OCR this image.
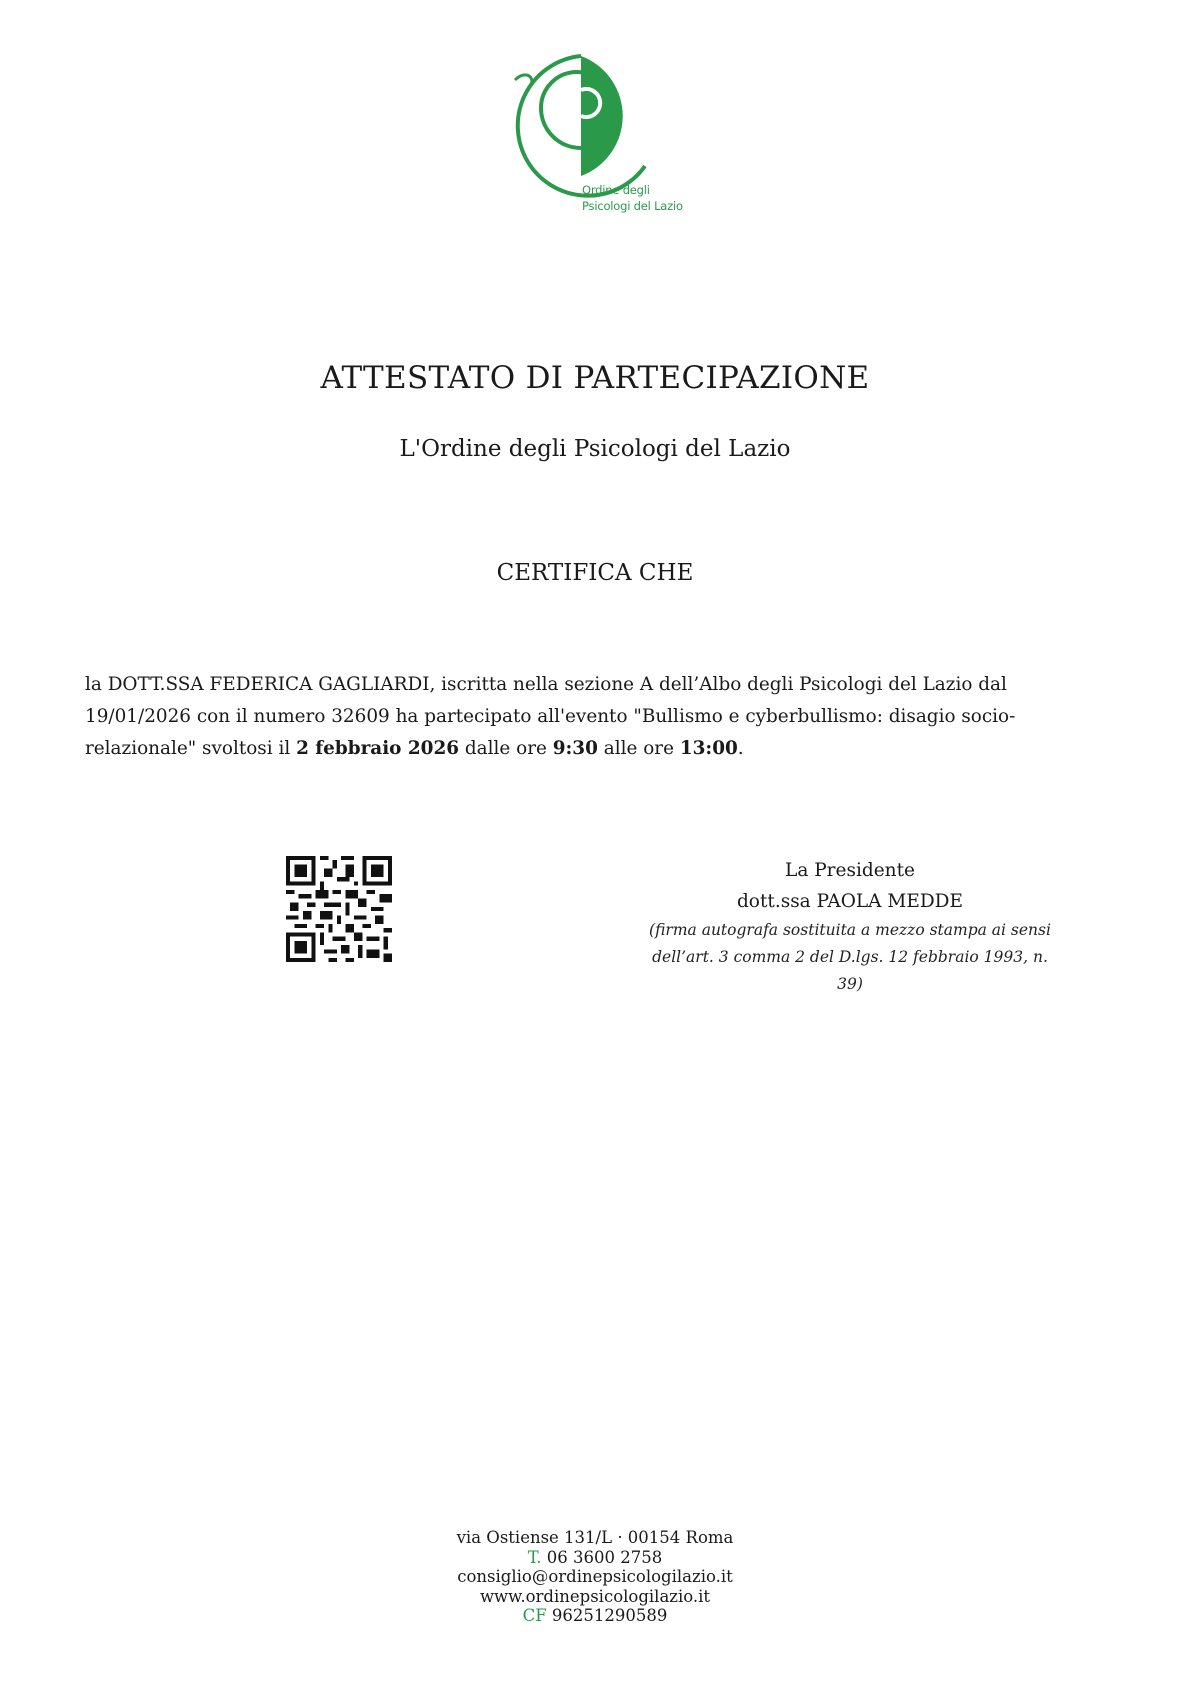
Ordine degli
Psicologi del Lazio
ATTESTATO DI PARTECIPAZIONE
L'Ordine degli Psicologi del Lazio
CERTIFICA CHE
la DOTT.SSA FEDERICA GAGLIARDI, iscritta nella sezione A dell’Albo degli Psicologi del Lazio dal 19/01/2026 con il numero 32609 ha partecipato all'evento "Bullismo e cyberbullismo: disagio socio-relazionale" svoltosi il 2 febbraio 2026 dalle ore 9:30 alle ore 13:00.
La Presidente
dott.ssa PAOLA MEDDE
(firma autografa sostituita a mezzo stampa ai sensi
dell’art. 3 comma 2 del D.lgs. 12 febbraio 1993, n. 39)
via Ostiense 131/L · 00154 Roma
T. 06 3600 2758
consiglio@ordinepsicologilazio.it
www.ordinepsicologilazio.it
CF 96251290589
